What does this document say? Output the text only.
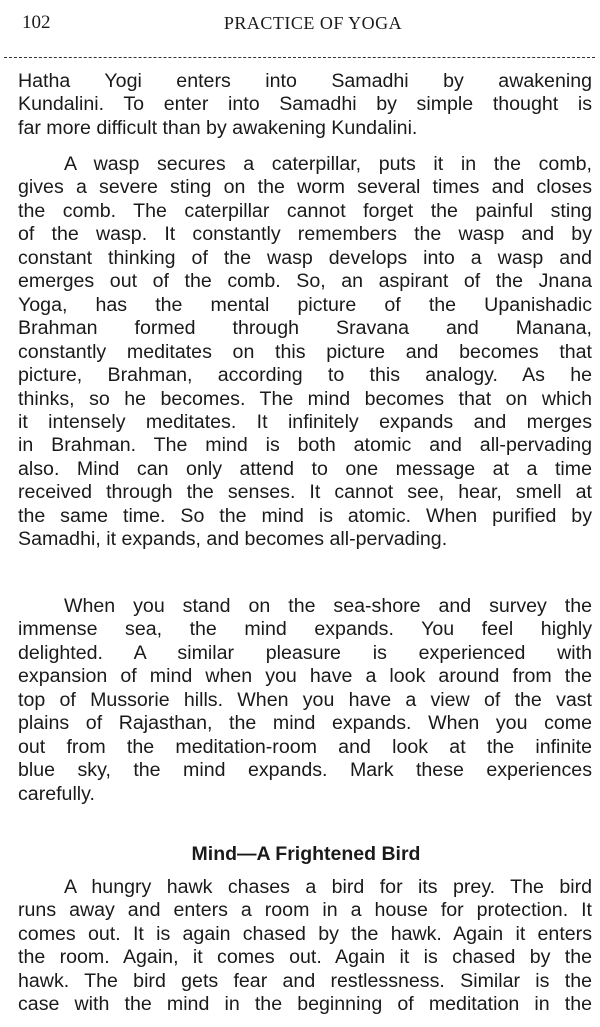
102	PRACTICE OF YOGA

Hatha Yogi enters into Samadhi by awakening
Kundalini. To enter into Samadhi by simple thought is
far more difficult than by awakening Kundalini.

A wasp secures a caterpillar, puts it in the comb,
gives a severe sting on the worm several times and closes
the comb. The caterpillar cannot forget the painful sting
of the wasp. It constantly remembers the wasp and by
constant thinking of the wasp develops into a wasp and
emerges out of the comb. So, an aspirant of the Jnana
Yoga, has the mental picture of the Upanishadic
Brahman formed through Sravana and Manana,
constantly meditates on this picture and becomes that
picture, Brahman, according to this analogy. As he
thinks, so he becomes. The mind becomes that on which
it intensely meditates. It infinitely expands and merges
in Brahman. The mind is both atomic and all-pervading
also. Mind can only attend to one message at a time
received through the senses. It cannot see, hear, smell at
the same time. So the mind is atomic. When purified by
Samadhi, it expands, and becomes all-pervading.

When you stand on the sea-shore and survey the
immense sea, the mind expands. You feel highly
delighted. A similar pleasure is experienced with
expansion of mind when you have a look around from the
top of Mussorie hills. When you have a view of the vast
plains of Rajasthan, the mind expands. When you come
out from the meditation-room and look at the infinite
blue sky, the mind expands. Mark these experiences
carefully.

Mind—A Frightened Bird

A hungry hawk chases a bird for its prey. The bird
runs away and enters a room in a house for protection. It
comes out. It is again chased by the hawk. Again it enters
the room. Again, it comes out. Again it is chased by the
hawk. The bird gets fear and restlessness. Similar is the
case with the mind in the beginning of meditation in the
